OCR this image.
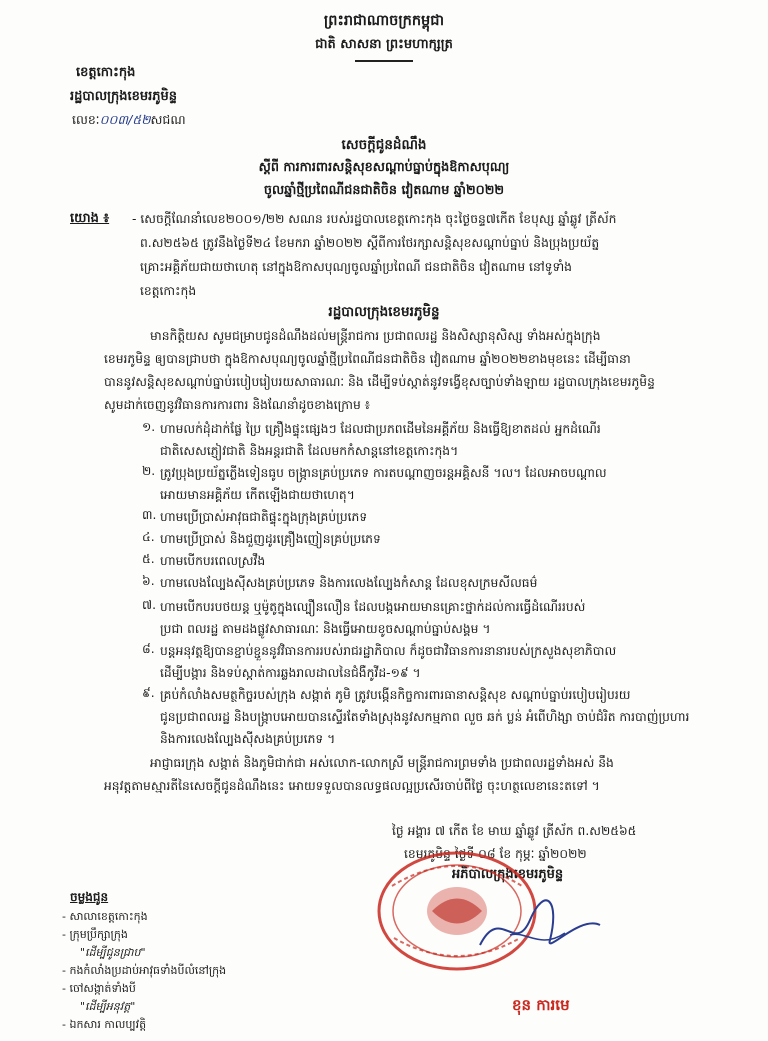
ព្រះរាជាណាចក្រកម្ពុជា
ជាតិ សាសនា ព្រះមហាក្សត្រ
ខេត្តកោះកុង
រដ្ឋបាលក្រុងខេមរភូមិន្ទ
លេខៈ០០៣/៥២សជណ
សេចក្តីជូនដំណឹង
ស្តីពី ការការពារសន្តិសុខសណ្តាប់ធ្នាប់ក្នុងឱកាសបុណ្យ
ចូលឆ្នាំថ្មីប្រពៃណីជនជាតិចិន វៀតណាម ឆ្នាំ២០២២
យោង ៖ - សេចក្តីណែនាំលេខ២០០១/២២ សណន របស់រដ្ឋបាលខេត្តកោះកុង ចុះថ្ងៃចន្ទ៧កើត ខែបុស្ស ឆ្នាំឆ្លូវ ត្រីស័ក
ព.ស២៥៦៥ ត្រូវនឹងថ្ងៃទី២៤ ខែមករា ឆ្នាំ២០២២ ស្តីពីការថែរក្សាសន្តិសុខសណ្តាប់ធ្នាប់ និងប្រុងប្រយ័ត្ន
គ្រោះអគ្គិភ័យជាយថាហេតុ នៅក្នុងឱកាសបុណ្យចូលឆ្នាំប្រពៃណី ជនជាតិចិន វៀតណាម នៅទូទាំង
ខេត្តកោះកុង
រដ្ឋបាលក្រុងខេមរភូមិន្ទ
មានកិត្តិយស សូមជម្រាបជូនដំណឹងដល់មន្ត្រីរាជការ ប្រជាពលរដ្ឋ និងសិស្សានុសិស្ស ទាំងអស់ក្នុងក្រុង
ខេមរភូមិន្ទ ឲ្យបានជ្រាបថា ក្នុងឱកាសបុណ្យចូលឆ្នាំថ្មីប្រពៃណីជនជាតិចិន វៀតណាម ឆ្នាំ២០២២ខាងមុខនេះ ដើម្បីធានា
បាននូវសន្តិសុខសណ្តាប់ធ្នាប់របៀបរៀបរយសាធារណៈ និង ដើម្បីទប់ស្កាត់នូវទង្វើខុសច្បាប់ទាំងឡាយ រដ្ឋបាលក្រុងខេមរភូមិន្ទ
សូមដាក់ចេញនូវវិធានការការពារ និងណែនាំដូចខាងក្រោម ៖
១. ហាមលក់ដុំដាក់ផ្លែ ប្រៃ គ្រឿងផ្ទុះផ្សេងៗ ដែលជាប្រភពដើមនៃអគ្គីភ័យ និងធ្វើឱ្យខាតដល់ អ្នកដំណើរ
ជាតិសេសភ្ញៀវជាតិ និងអន្តរជាតិ ដែលមកកំសាន្តនៅខេត្តកោះកុង។
២. ត្រូវប្រុងប្រយ័ត្នភ្លើងទៀនធូប ចង្ក្រានគ្រប់ប្រភេទ ការតបណ្តាញចរន្តអគ្គិសនី ។ល។ ដែលអាចបណ្តាល
អោយមានអគ្គិភ័យ កើតឡើងជាយថាហេតុ។
៣. ហាមប្រើប្រាស់អាវុធជាតិផ្ទុះក្នុងក្រុងគ្រប់ប្រភេទ
៤. ហាមប្រើប្រាស់ និងជួញដូរគ្រឿងញៀនគ្រប់ប្រភេទ
៥. ហាមបើកបរពេលស្រវឹង
៦. ហាមលេងល្បែងស៊ីសងគ្រប់ប្រភេទ និងការលេងល្បែងកំសាន្ត ដែលខុសក្រមសីលធម៌
៧. ហាមបើកបរបថយន្ត ឬម៉ូតូក្នុងល្បឿនលឿន ដែលបង្កអោយមានគ្រោះថ្នាក់ដល់ការធ្វើដំណើររបស់
ប្រជា ពលរដ្ឋ តាមដងផ្លូវសាធារណៈ និងធ្វើអោយខូចសណ្តាប់ធ្នាប់សង្គម ។
៨. បន្តអនុវត្តឱ្យបានខ្ជាប់ខ្ជួននូវវិធានការរបស់រាជរដ្ឋាភិបាល ក៏ដូចជាវិធានការនានារបស់ក្រសួងសុខាភិបាល
ដើម្បីបង្ការ និងទប់ស្កាត់ការឆ្លងរាលដាលនៃជំងឺកូវីដ-១៩ ។
៩. គ្រប់កំលាំងសមត្ថកិច្ចរបស់ក្រុង សង្កាត់ ភូមិ ត្រូវបង្កើនកិច្ចការពារធានាសន្តិសុខ សណ្តាប់ធ្នាប់របៀបរៀបរយ
ជូនប្រជាពលរដ្ឋ និងបង្ក្រាបអោយបានស្ទើរតែទាំងស្រុងនូវសកម្មភាព លួច ឆក់ ប្លន់ អំពើហិង្សា ចាប់ជំរិត ការបាញ់ប្រហារ
និងការលេងល្បែងស៊ីសងគ្រប់ប្រភេទ ។
អាជ្ញាធរក្រុង សង្កាត់ និងភូមិជាក់ជា អស់លោក-លោកស្រី មន្ត្រីរាជការព្រមទាំង ប្រជាពលរដ្ឋទាំងអស់ នឹង
អនុវត្តតាមស្មារតីនៃសេចក្តីជូនដំណឹងនេះ អោយទទួលបានលទ្ធផលល្អប្រសើរចាប់ពីថ្ងៃ ចុះហត្ថលេខានេះតទៅ ។
ថ្ងៃ អង្គារ ៧ កើត ខែ មាឃ ឆ្នាំឆ្លូវ ត្រីស័ក ព.ស២៥៦៥
ខេមរភូមិន្ទ ថ្ងៃទី ០៨ ខែ កុម្ភៈ ឆ្នាំ២០២២
អភិបាលក្រុងខេមរភូមិន្ទ
ខុន ការមេ
ចម្លងជូន
- សាលាខេត្តកោះកុង
- ក្រុមប្រឹក្សាក្រុង
"ដើម្បីជូនជ្រាប"
- កងកំលាំងប្រដាប់អាវុធទាំងបីលំនៅក្រុង
- ចៅសង្កាត់ទាំងបី
"ដើម្បីអនុវត្ត"
- ឯកសារ កាលប្បវត្តិ
